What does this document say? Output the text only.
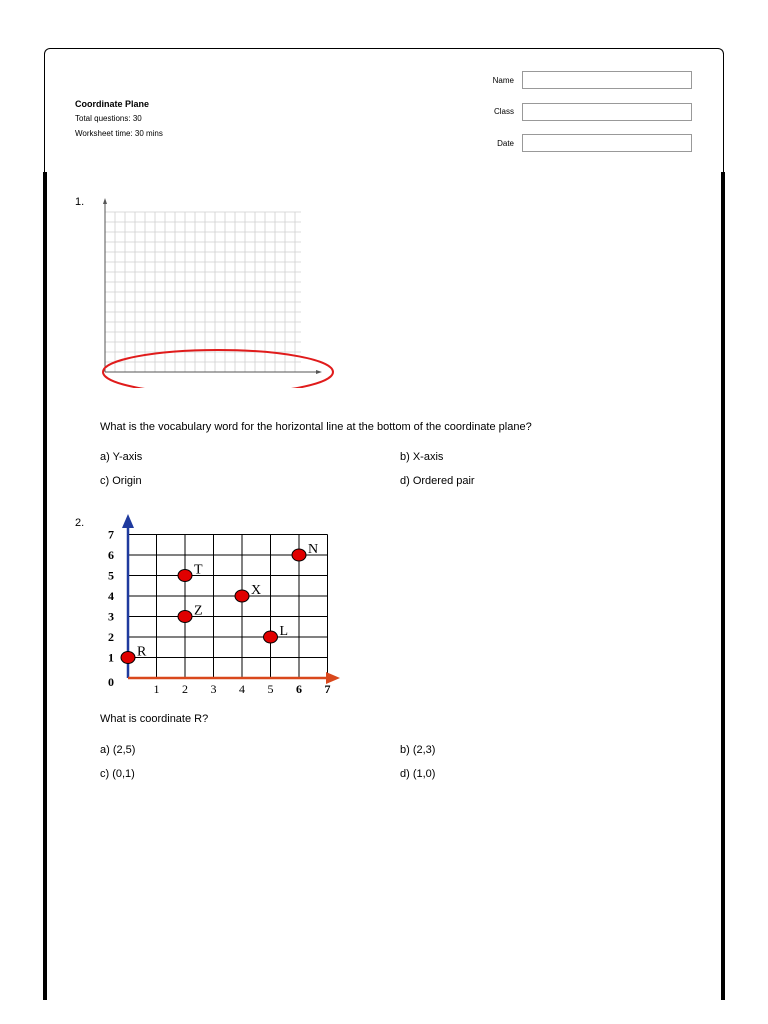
Coordinate Plane
Total questions: 30
Worksheet time: 30 mins
Name
Class
Date
1.
What is the vocabulary word for the horizontal line at the bottom of the coordinate plane?
a) Y-axis	b) X-axis
c) Origin	d) Ordered pair
2.
1 2 3 4 5 6 7
0
1
2
3
4
5
6
7
R
T
Z
X
L
N
What is coordinate R?
a) (2,5)	b) (2,3)
c) (0,1)	d) (1,0)
